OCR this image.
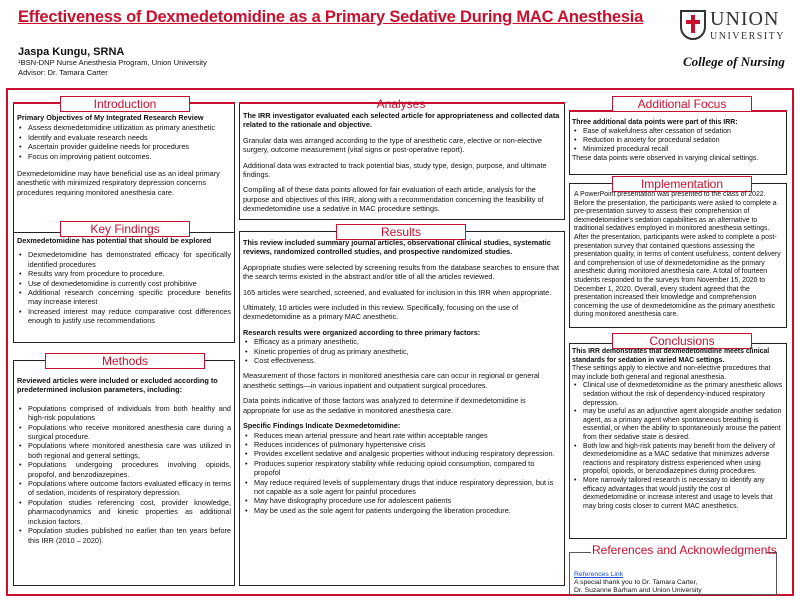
Effectiveness of Dexmedetomidine as a Primary Sedative During MAC Anesthesia
Jaspa Kungu, SRNA
¹BSN-DNP Nurse Anesthesia Program, Union University
Advisor: Dr. Tamara Carter
UNION
UNIVERSITY
College of Nursing
Introduction
Primary Objectives of My Integrated Research Review
• Assess dexmedetomidine utilization as primary anesthetic
• Identify and evaluate research needs
• Ascertain provider guideline needs for procedures
• Focus on improving patient outcomes.
Dexmedetomidine may have beneficial use as an ideal primary anesthetic with minimized respiratory depression concerns procedures requiring monitored anesthesia care.
Key Findings
Dexmedetomidine has potential that should be explored
• Dexmedetomidine has demonstrated efficacy for specifically identified procedures
• Results vary from procedure to procedure.
• Use of dexmedetomidine is currently cost prohibitive
• Additional research concerning specific procedure benefits may increase interest
• Increased interest may reduce comparative cost differences enough to justify use recommendations
Methods
Reviewed articles were included or excluded according to predetermined inclusion parameters, including:
• Populations comprised of individuals from both healthy and high-risk populations
• Populations who receive monitored anesthesia care during a surgical procedure.
• Populations where monitored anesthesia care was utilized in both regional and general settings,
• Populations undergoing procedures involving opioids, propofol, and benzodiazepines.
• Populations where outcome factors evaluated efficacy in terms of sedation, incidents of respiratory depression.
• Population studies referencing cost, provider knowledge, pharmacodynamics and kinetic properties as additional inclusion factors.
• Population studies published no earlier than ten years before this IRR (2010 – 2020).
Analyses

The IRR investigator evaluated each selected article for appropriateness and collected data related to the rationale and objective.

Granular data was arranged according to the type of anesthetic care, elective or non-elective surgery, outcome measurement (vital signs or post-operative report).

Additional data was extracted to track potential bias, study type, design, purpose, and ultimate findings.

Compiling all of these data points allowed for fair evaluation of each article, analysis for the purpose and objectives of this IRR, along with a recommendation concerning the feasibility of dexmedetomidine use a sedative in MAC procedure settings.

Results

This review included summary journal articles, observational clinical studies, systematic reviews, randomized controlled studies, and prospective randomized studies.

Appropriate studies were selected by screening results from the database searches to ensure that the search terms existed in the abstract and/or title of all the articles reviewed.

165 articles were searched, screened, and evaluated for inclusion in this IRR when appropriate.

Ultimately, 10 articles were included in this review. Specifically, focusing on the use of dexmedetomidine as a primary MAC anesthetic.

Research results were organized according to three primary factors:
• Efficacy as a primary anesthetic,
• Kinetic properties of drug as primary anesthetic,
• Cost effectiveness.

Measurement of those factors in monitored anesthesia care can occur in regional or general anesthetic settings—in various inpatient and outpatient surgical procedures.

Data points indicative of those factors was analyzed to determine if dexmedetomidine is appropriate for use as the sedative in monitored anesthesia care.

Specific Findings Indicate Dexmedetomidine:
• Reduces mean arterial pressure and heart rate within acceptable ranges
• Reduces incidences of pulmonary hypertensive crisis
• Provides excellent sedative and analgesic properties without inducing respiratory depression.
• Produces superior respiratory stability while reducing opioid consumption, compared to propofol
• May reduce required levels of supplementary drugs that induce respiratory depression, but is not capable as a sole agent for painful procedures
• May have diskography procedure use for adolescent patients
• May be used as the sole agent for patients undergoing the liberation procedure.
Additional Focus
Three additional data points were part of this IRR:
• Ease of wakefulness after cessation of sedation
• Reduction in anxiety for procedural sedation
• Minimized procedural recall
These data points were observed in varying clinical settings.
Implementation
A PowerPoint presentation was presented to the class of 2022. Before the presentation, the participants were asked to complete a pre-presentation survey to assess their comprehension of dexmedetomidine's sedation capabilities as an alternative to traditional sedatives employed in monitored anesthesia settings. After the presentation, participants were asked to complete a post-presentation survey that contained questions assessing the presentation quality, in terms of content usefulness, content delivery and comprehension of use of dexmedetomidine as the primary anesthetic during monitored anesthesia care. A total of fourteen students responded to the surveys from November 15, 2020 to December 1, 2020. Overall, every student agreed that the presentation increased their knowledge and comprehension concerning the use of dexmedetomidine as the primary anesthetic during monitored anesthesia care.
Conclusions
This IRR demonstrates that dexmedetomidine meets clinical standards for sedation in varied MAC settings.
These settings apply to elective and non-elective procedures that may include both general and regional anesthesia.
• Clinical use of dexmedetomidine as the primary anesthetic allows sedation without the risk of dependency-induced respiratory depression.
• may be useful as an adjunctive agent alongside another sedation agent, as a primary agent when spontaneous breathing is essential, or when the ability to spontaneously arouse the patient from their sedative state is desired.
• Both low and high-risk patients may benefit from the delivery of dexmedetomidine as a MAC sedative that minimizes adverse reactions and respiratory distress experienced when using propofol, opioids, or benzodiazepines during procedures.
• More narrowly tailored research is necessary to identify any efficacy advantages that would justify the cost of dexmedetomidine or increase interest and usage to levels that may bring costs closer to current MAC anesthetics.
References and Acknowledgments
References Link
A special thank you to Dr. Tamara Carter,
Dr. Suzanne Barham and Union University
